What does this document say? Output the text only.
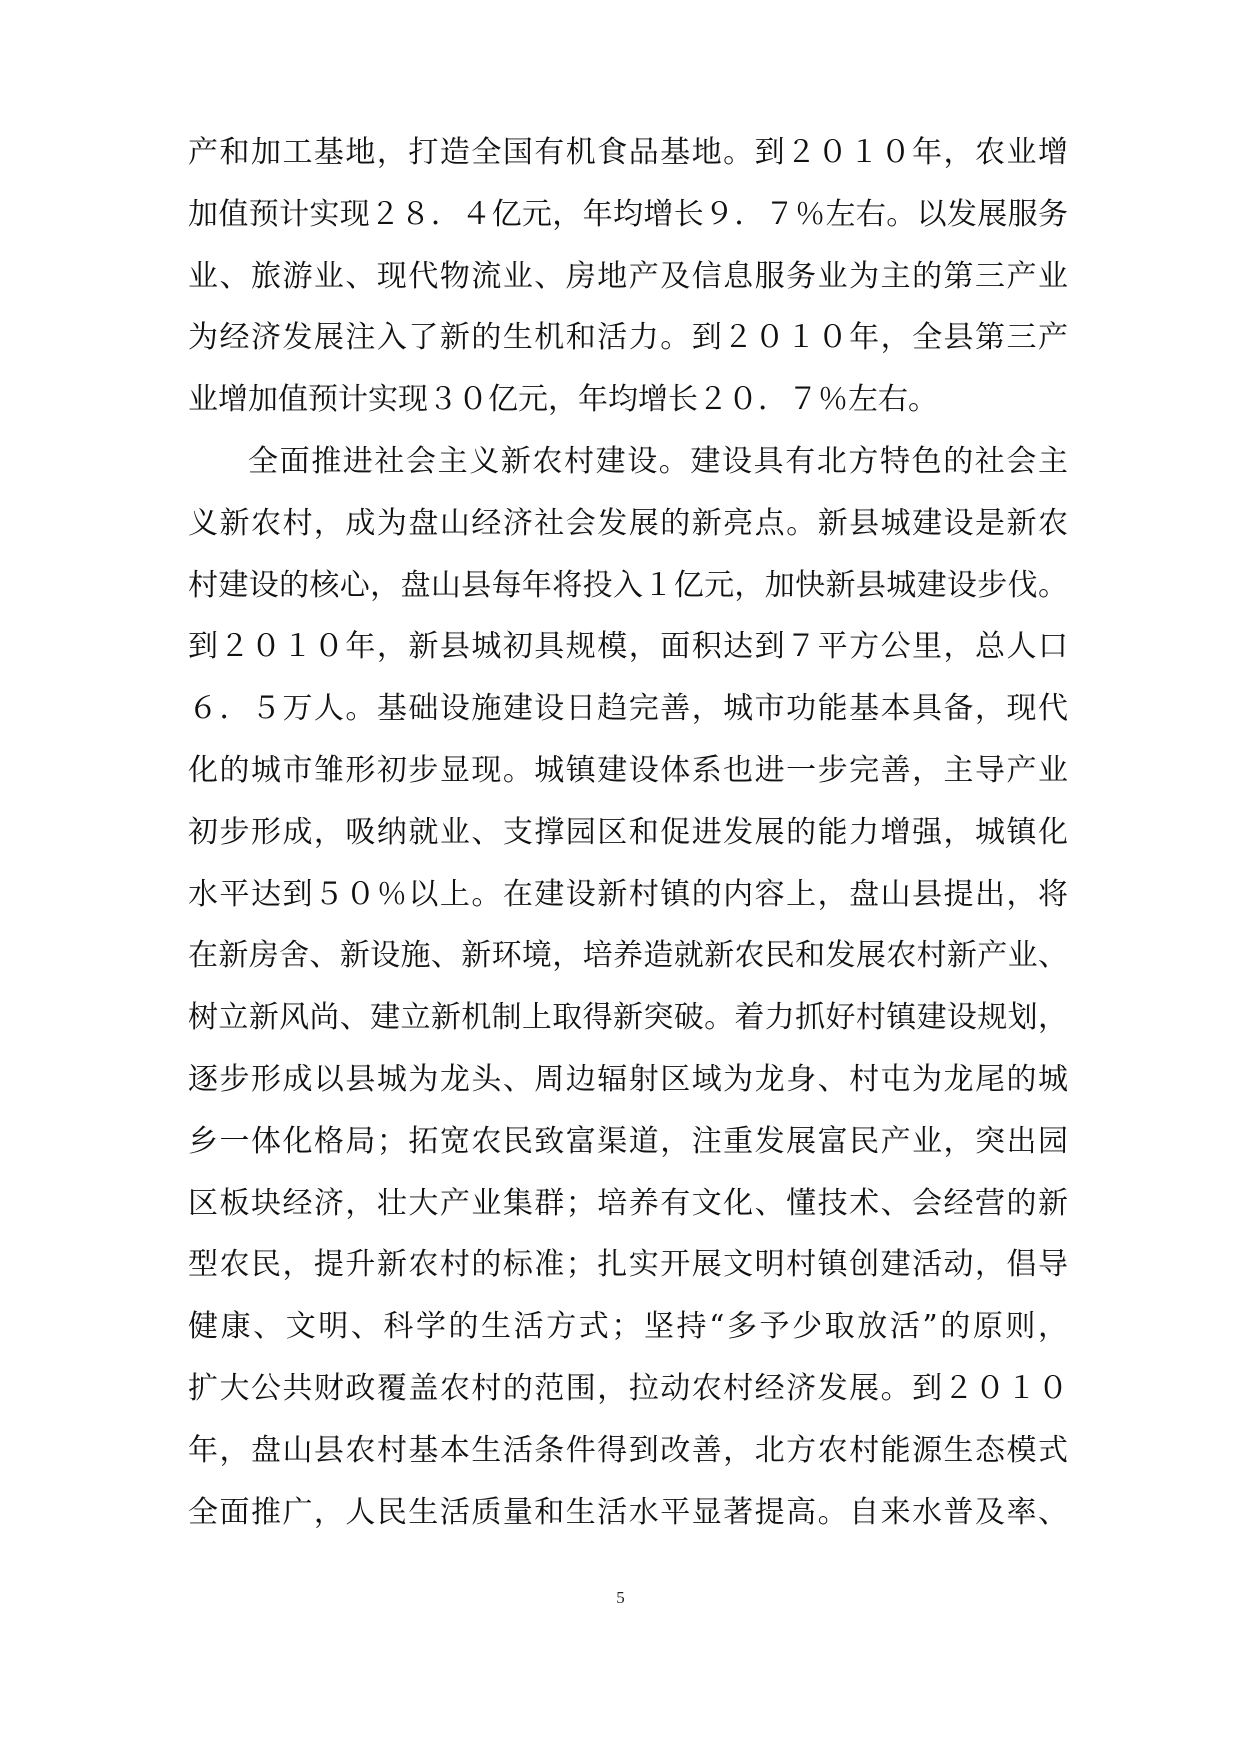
产和加工基地，打造全国有机食品基地。到２０１０年，农业增
加值预计实现２８．４亿元，年均增长９．７％左右。以发展服务
业、旅游业、现代物流业、房地产及信息服务业为主的第三产业
为经济发展注入了新的生机和活力。到２０１０年，全县第三产
业增加值预计实现３０亿元，年均增长２０．７％左右。
全面推进社会主义新农村建设。建设具有北方特色的社会主
义新农村，成为盘山经济社会发展的新亮点。新县城建设是新农
村建设的核心，盘山县每年将投入１亿元，加快新县城建设步伐。
到２０１０年，新县城初具规模，面积达到７平方公里，总人口
６．５万人。基础设施建设日趋完善，城市功能基本具备，现代
化的城市雏形初步显现。城镇建设体系也进一步完善，主导产业
初步形成，吸纳就业、支撑园区和促进发展的能力增强，城镇化
水平达到５０％以上。在建设新村镇的内容上，盘山县提出，将
在新房舍、新设施、新环境，培养造就新农民和发展农村新产业、
树立新风尚、建立新机制上取得新突破。着力抓好村镇建设规划，
逐步形成以县城为龙头、周边辐射区域为龙身、村屯为龙尾的城
乡一体化格局；拓宽农民致富渠道，注重发展富民产业，突出园
区板块经济，壮大产业集群；培养有文化、懂技术、会经营的新
型农民，提升新农村的标准；扎实开展文明村镇创建活动，倡导
健康、文明、科学的生活方式；坚持“多予少取放活”的原则，
扩大公共财政覆盖农村的范围，拉动农村经济发展。到２０１０
年，盘山县农村基本生活条件得到改善，北方农村能源生态模式
全面推广，人民生活质量和生活水平显著提高。自来水普及率、
5
